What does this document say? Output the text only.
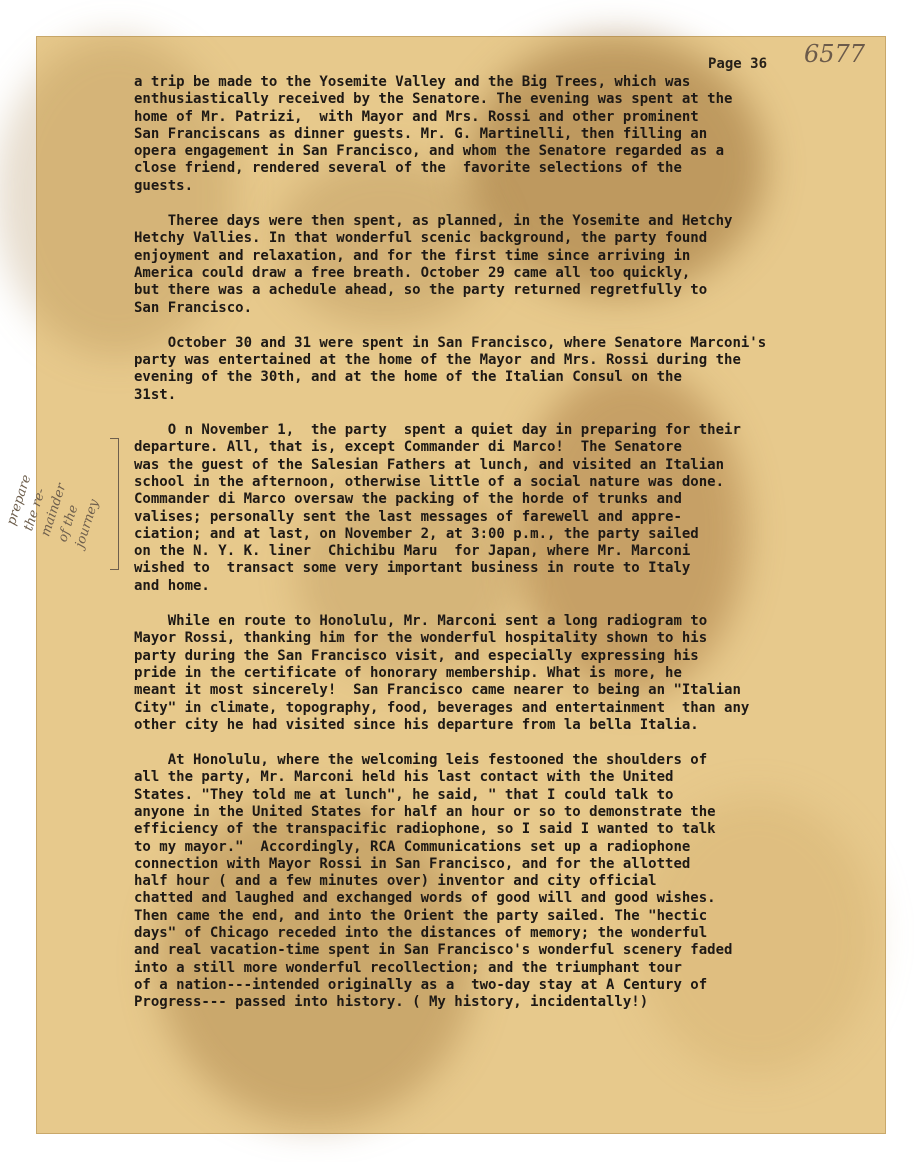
Page 36 6577
prepare
the re-
mainder
of the
journey

a trip be made to the Yosemite Valley and the Big Trees, which was
enthusiastically received by the Senatore. The evening was spent at the
home of Mr. Patrizi,  with Mayor and Mrs. Rossi and other prominent
San Franciscans as dinner guests. Mr. G. Martinelli, then filling an
opera engagement in San Francisco, and whom the Senatore regarded as a
close friend, rendered several of the  favorite selections of the
guests.

Theree days were then spent, as planned, in the Yosemite and Hetchy
Hetchy Vallies. In that wonderful scenic background, the party found
enjoyment and relaxation, and for the first time since arriving in
America could draw a free breath. October 29 came all too quickly,
but there was a achedule ahead, so the party returned regretfully to
San Francisco.

October 30 and 31 were spent in San Francisco, where Senatore Marconi's
party was entertained at the home of the Mayor and Mrs. Rossi during the
evening of the 30th, and at the home of the Italian Consul on the
31st.

O n November 1,  the party  spent a quiet day in preparing for their
departure. All, that is, except Commander di Marco!  The Senatore
was the guest of the Salesian Fathers at lunch, and visited an Italian
school in the afternoon, otherwise little of a social nature was done.
Commander di Marco oversaw the packing of the horde of trunks and
valises; personally sent the last messages of farewell and appre-
ciation; and at last, on November 2, at 3:00 p.m., the party sailed
on the N. Y. K. liner  Chichibu Maru  for Japan, where Mr. Marconi
wished to  transact some very important business in route to Italy
and home.

While en route to Honolulu, Mr. Marconi sent a long radiogram to
Mayor Rossi, thanking him for the wonderful hospitality shown to his
party during the San Francisco visit, and especially expressing his
pride in the certificate of honorary membership. What is more, he
meant it most sincerely!  San Francisco came nearer to being an "Italian
City" in climate, topography, food, beverages and entertainment  than any
other city he had visited since his departure from la bella Italia.

At Honolulu, where the welcoming leis festooned the shoulders of
all the party, Mr. Marconi held his last contact with the United
States. "They told me at lunch", he said, " that I could talk to
anyone in the United States for half an hour or so to demonstrate the
efficiency of the transpacific radiophone, so I said I wanted to talk
to my mayor."  Accordingly, RCA Communications set up a radiophone
connection with Mayor Rossi in San Francisco, and for the allotted
half hour ( and a few minutes over) inventor and city official
chatted and laughed and exchanged words of good will and good wishes.
Then came the end, and into the Orient the party sailed. The "hectic
days" of Chicago receded into the distances of memory; the wonderful
and real vacation-time spent in San Francisco's wonderful scenery faded
into a still more wonderful recollection; and the triumphant tour
of a nation---intended originally as a  two-day stay at A Century of
Progress--- passed into history. ( My history, incidentally!)
